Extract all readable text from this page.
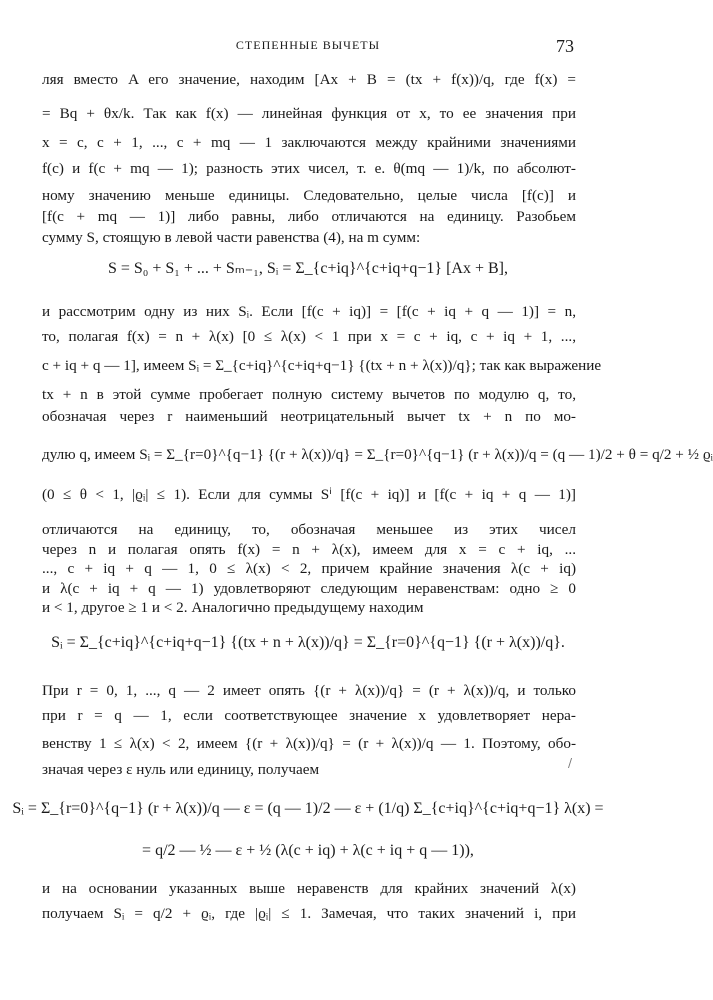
СТЕПЕННЫЕ ВЫЧЕТЫ	73
ляя вместо A его значение, находим [Ax + B = (tx + f(x))/q, где f(x) =
= Bq + θx/k. Так как f(x) — линейная функция от x, то ее значения при
x = c, c + 1, ..., c + mq — 1 заключаются между крайними значениями
f(c) и f(c + mq — 1); разность этих чисел, т. е. θ(mq — 1)/k, по абсолют-
ному значению меньше единицы. Следовательно, целые числа [f(c)] и
[f(c + mq — 1)] либо равны, либо отличаются на единицу. Разобьем
сумму S, стоящую в левой части равенства (4), на m сумм:
S = S₀ + S₁ + ... + Sₘ₋₁, Sᵢ = Σ_{c+iq}^{c+iq+q−1} [Ax + B],
и рассмотрим одну из них Sᵢ. Если [f(c + iq)] = [f(c + iq + q — 1)] = n,
то, полагая f(x) = n + λ(x) [0 ≤ λ(x) < 1 при x = c + iq, c + iq + 1, ...,
c + iq + q — 1], имеем Sᵢ = Σ_{c+iq}^{c+iq+q−1} {(tx + n + λ(x))/q}; так как выражение
tx + n в этой сумме пробегает полную систему вычетов по модулю q, то,
обозначая через r наименьший неотрицательный вычет tx + n по мо-
дулю q, имеем Sᵢ = Σ_{r=0}^{q−1} {(r + λ(x))/q} = Σ_{r=0}^{q−1} (r + λ(x))/q = (q — 1)/2 + θ = q/2 + ½ ϱᵢ
(0 ≤ θ < 1, |ϱᵢ| ≤ 1). Если для суммы Sⁱ [f(c + iq)] и [f(c + iq + q — 1)]
отличаются на единицу, то, обозначая меньшее из этих чисел
через n и полагая опять f(x) = n + λ(x), имеем для x = c + iq, ...
..., c + iq + q — 1, 0 ≤ λ(x) < 2, причем крайние значения λ(c + iq)
и λ(c + iq + q — 1) удовлетворяют следующим неравенствам: одно ≥ 0
и < 1, другое ≥ 1 и < 2. Аналогично предыдущему находим
Sᵢ = Σ_{c+iq}^{c+iq+q−1} {(tx + n + λ(x))/q} = Σ_{r=0}^{q−1} {(r + λ(x))/q}.
При r = 0, 1, ..., q — 2 имеет опять {(r + λ(x))/q} = (r + λ(x))/q, и только
при r = q — 1, если соответствующее значение x удовлетворяет нера-
венству 1 ≤ λ(x) < 2, имеем {(r + λ(x))/q} = (r + λ(x))/q — 1. Поэтому, обо-
значая через ε нуль или единицу, получаем	/
Sᵢ = Σ_{r=0}^{q−1} (r + λ(x))/q — ε = (q — 1)/2 — ε + (1/q) Σ_{c+iq}^{c+iq+q−1} λ(x) =
= q/2 — ½ — ε + ½ (λ(c + iq) + λ(c + iq + q — 1)),
и на основании указанных выше неравенств для крайних значений λ(x)
получаем Sᵢ = q/2 + ϱᵢ, где |ϱᵢ| ≤ 1. Замечая, что таких значений i, при
